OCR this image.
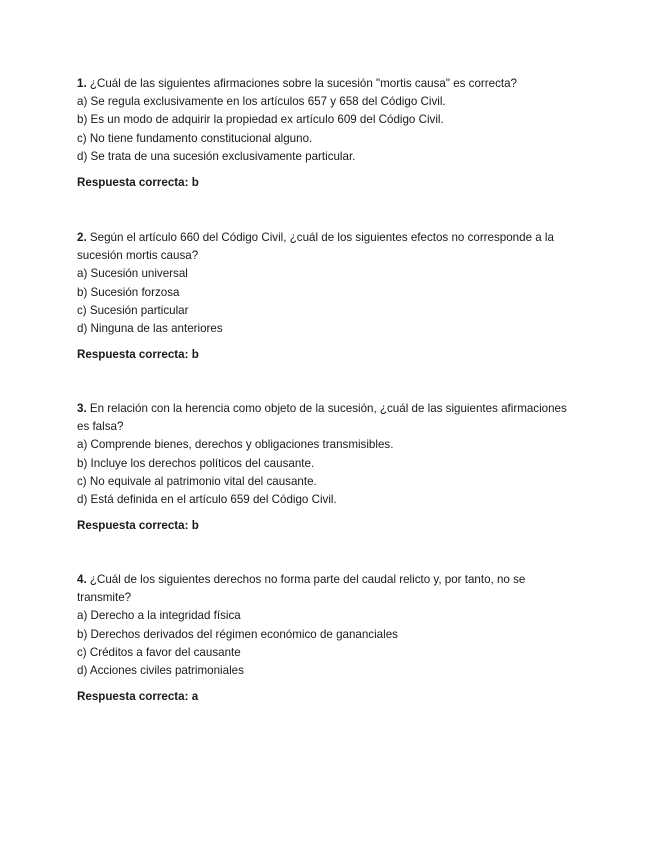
1. ¿Cuál de las siguientes afirmaciones sobre la sucesión "mortis causa" es correcta?

a) Se regula exclusivamente en los artículos 657 y 658 del Código Civil.

b) Es un modo de adquirir la propiedad ex artículo 609 del Código Civil.

c) No tiene fundamento constitucional alguno.

d) Se trata de una sucesión exclusivamente particular.

Respuesta correcta: b

2. Según el artículo 660 del Código Civil, ¿cuál de los siguientes efectos no corresponde a la sucesión mortis causa?

a) Sucesión universal

b) Sucesión forzosa

c) Sucesión particular

d) Ninguna de las anteriores

Respuesta correcta: b

3. En relación con la herencia como objeto de la sucesión, ¿cuál de las siguientes afirmaciones es falsa?

a) Comprende bienes, derechos y obligaciones transmisibles.

b) Incluye los derechos políticos del causante.

c) No equivale al patrimonio vital del causante.

d) Está definida en el artículo 659 del Código Civil.

Respuesta correcta: b

4. ¿Cuál de los siguientes derechos no forma parte del caudal relicto y, por tanto, no se transmite?

a) Derecho a la integridad física

b) Derechos derivados del régimen económico de gananciales

c) Créditos a favor del causante

d) Acciones civiles patrimoniales

Respuesta correcta: a
